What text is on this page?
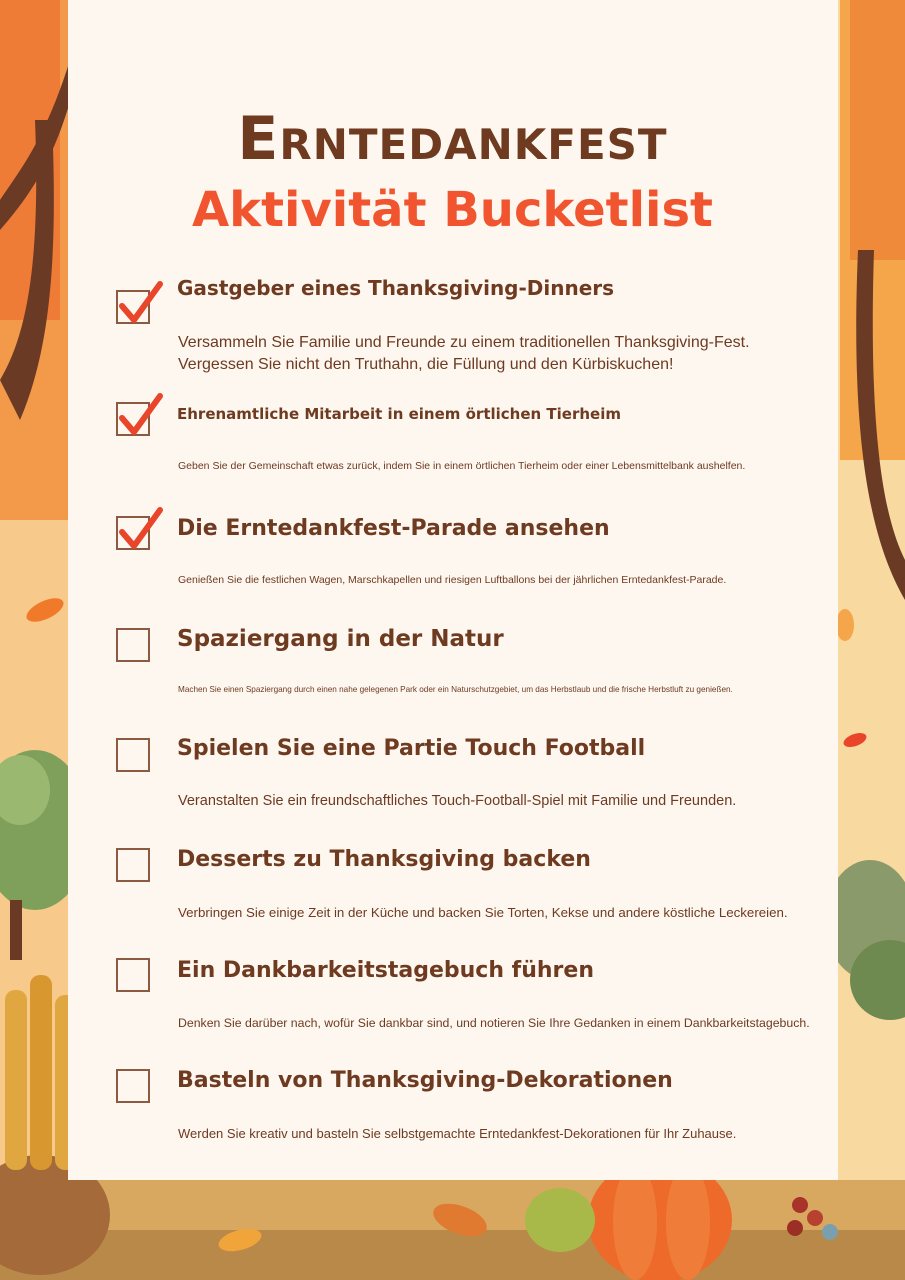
Erntedankfest
Aktivität Bucketlist
Gastgeber eines Thanksgiving-Dinners
Versammeln Sie Familie und Freunde zu einem traditionellen Thanksgiving-Fest.
Vergessen Sie nicht den Truthahn, die Füllung und den Kürbiskuchen!
Ehrenamtliche Mitarbeit in einem örtlichen Tierheim
Geben Sie der Gemeinschaft etwas zurück, indem Sie in einem örtlichen Tierheim oder einer Lebensmittelbank aushelfen.
Die Erntedankfest-Parade ansehen
Genießen Sie die festlichen Wagen, Marschkapellen und riesigen Luftballons bei der jährlichen Erntedankfest-Parade.
Spaziergang in der Natur
Machen Sie einen Spaziergang durch einen nahe gelegenen Park oder ein Naturschutzgebiet, um das Herbstlaub und die frische Herbstluft zu genießen.
Spielen Sie eine Partie Touch Football
Veranstalten Sie ein freundschaftliches Touch-Football-Spiel mit Familie und Freunden.
Desserts zu Thanksgiving backen
Verbringen Sie einige Zeit in der Küche und backen Sie Torten, Kekse und andere köstliche Leckereien.
Ein Dankbarkeitstagebuch führen
Denken Sie darüber nach, wofür Sie dankbar sind, und notieren Sie Ihre Gedanken in einem Dankbarkeitstagebuch.
Basteln von Thanksgiving-Dekorationen
Werden Sie kreativ und basteln Sie selbstgemachte Erntedankfest-Dekorationen für Ihr Zuhause.
